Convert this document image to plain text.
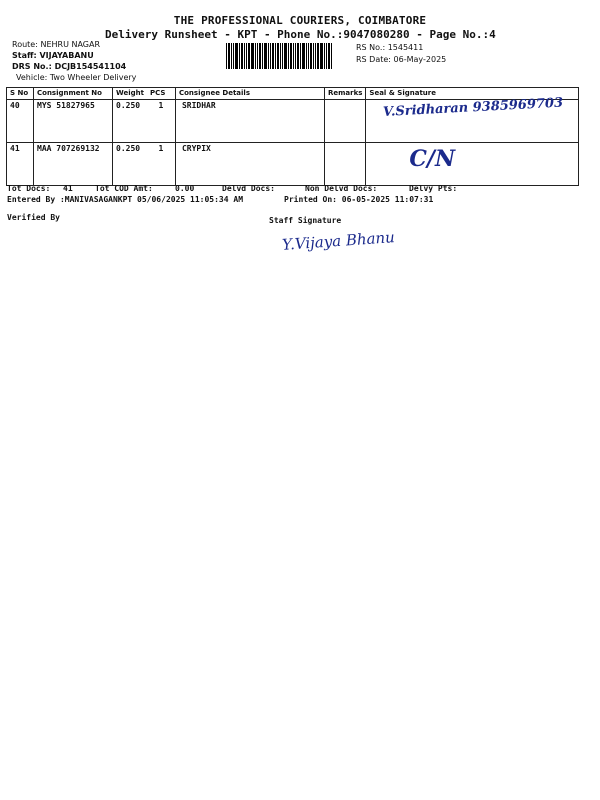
THE PROFESSIONAL COURIERS, COIMBATORE
Delivery Runsheet - KPT - Phone No.:9047080280 - Page No.:4
Route: NEHRU NAGAR
Staff: VIJAYABANU
DRS No.: DCJB154541104
Vehicle: Two Wheeler Delivery
RS No.: 1545411
RS Date: 06-May-2025
S No	Consignment No	Weight	PCS	Consignee Details	Remarks	Seal & Signature
40	MYS 51827965	0.250	1	SRIDHAR		V.Sridharan 9385969703

41	MAA 707269132	0.250	1	CRYPIX		C/N
Tot Docs: 41	Tot COD Amt:	0.00	Delvd Docs:	Non Delvd Docs:	Delvy Pts:
Entered By :MANIVASAGANKPT 05/06/2025 11:05:34 AM	Printed On: 06-05-2025 11:07:31
Verified By	Staff Signature
Y.Vijaya Bhanu
